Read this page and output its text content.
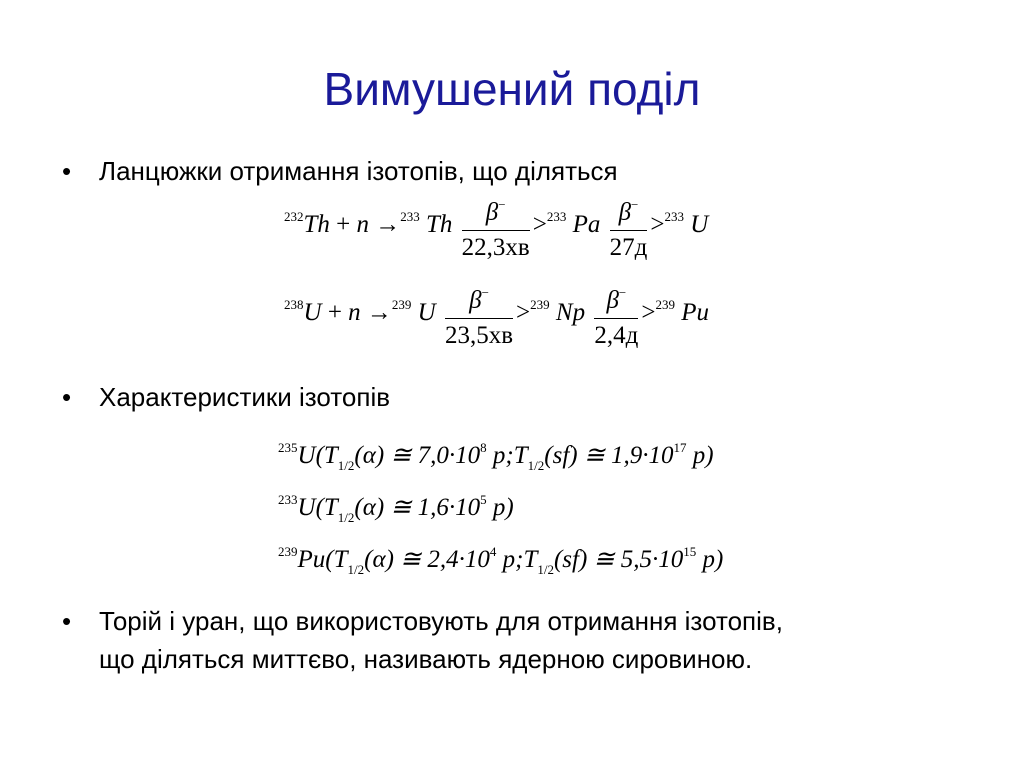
Вимушений поділ
• Ланцюжки отримання ізотопів, що діляться
$^{232}$Th + n →$^{233}$ Th $\frac{\beta^-}{22,3хв} >^{233}$ Pa $\frac{\beta^-}{27д} >^{233}$ U
$^{238}$U + n →$^{239}$ U $\frac{\beta^-}{23,5хв} >^{239}$ Np $\frac{\beta^-}{2,4д} >^{239}$ Pu
• Характеристики ізотопів
$^{235}U(T_{1/2}(\alpha)$ ≅ $7,0\cdot 10^8$ $p;T_{1/2}(sf)$ ≅ $1,9\cdot 10^{17}$ p)
$^{233}U(T_{1/2}(\alpha)$ ≅ $1,6\cdot 10^5$ p)
$^{239}Pu(T_{1/2}(\alpha)$ ≅ $2,4\cdot 10^4$ $p;T_{1/2}(sf)$ ≅ $5,5\cdot 10^{15}$ p)
• Торій і уран, що використовують для отримання ізотопів,
що діляться миттєво, називають ядерною сировиною.
